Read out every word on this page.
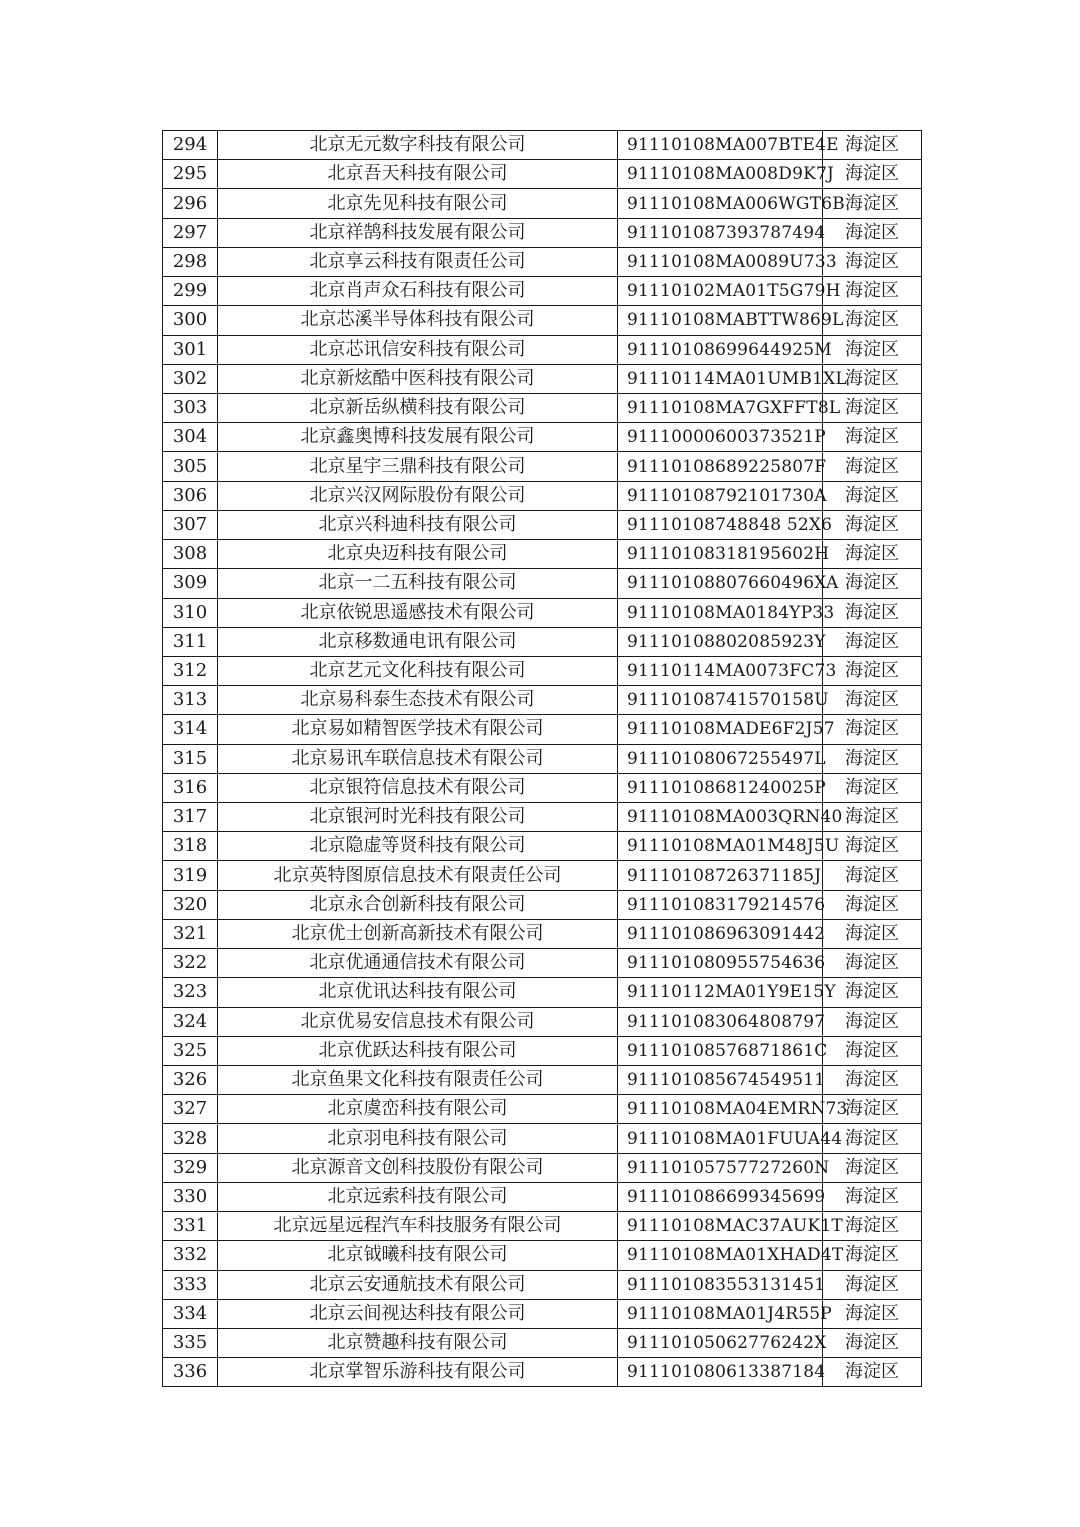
294	北京无元数字科技有限公司	91110108MA007BTE4E	海淀区
295	北京吾天科技有限公司	91110108MA008D9K7J	海淀区
296	北京先见科技有限公司	91110108MA006WGT6B	海淀区
297	北京祥鹄科技发展有限公司	911101087393787494	海淀区
298	北京享云科技有限责任公司	91110108MA0089U733	海淀区
299	北京肖声众石科技有限公司	91110102MA01T5G79H	海淀区
300	北京芯溪半导体科技有限公司	91110108MABTTW869L	海淀区
301	北京芯讯信安科技有限公司	91110108699644925M	海淀区
302	北京新炫酷中医科技有限公司	91110114MA01UMB1XL	海淀区
303	北京新岳纵横科技有限公司	91110108MA7GXFFT8L	海淀区
304	北京鑫奥博科技发展有限公司	91110000600373521P	海淀区
305	北京星宇三鼎科技有限公司	91110108689225807F	海淀区
306	北京兴汉网际股份有限公司	91110108792101730A	海淀区
307	北京兴科迪科技有限公司	91110108748848 52X6	海淀区
308	北京央迈科技有限公司	91110108318195602H	海淀区
309	北京一二五科技有限公司	91110108807660496XA	海淀区
310	北京依锐思遥感技术有限公司	91110108MA0184YP33	海淀区
311	北京移数通电讯有限公司	91110108802085923Y	海淀区
312	北京艺元文化科技有限公司	91110114MA0073FC73	海淀区
313	北京易科泰生态技术有限公司	91110108741570158U	海淀区
314	北京易如精智医学技术有限公司	91110108MADE6F2J57	海淀区
315	北京易讯车联信息技术有限公司	91110108067255497L	海淀区
316	北京银符信息技术有限公司	91110108681240025P	海淀区
317	北京银河时光科技有限公司	91110108MA003QRN40	海淀区
318	北京隐虚等贤科技有限公司	91110108MA01M48J5U	海淀区
319	北京英特图原信息技术有限责任公司	91110108726371185J	海淀区
320	北京永合创新科技有限公司	911101083179214576	海淀区
321	北京优士创新高新技术有限公司	911101086963091442	海淀区
322	北京优通通信技术有限公司	911101080955754636	海淀区
323	北京优讯达科技有限公司	91110112MA01Y9E15Y	海淀区
324	北京优易安信息技术有限公司	911101083064808797	海淀区
325	北京优跃达科技有限公司	91110108576871861C	海淀区
326	北京鱼果文化科技有限责任公司	911101085674549511	海淀区
327	北京虞峦科技有限公司	91110108MA04EMRN73	海淀区
328	北京羽电科技有限公司	91110108MA01FUUA44	海淀区
329	北京源音文创科技股份有限公司	91110105757727260N	海淀区
330	北京远索科技有限公司	911101086699345699	海淀区
331	北京远星远程汽车科技服务有限公司	91110108MAC37AUK1T	海淀区
332	北京钺曦科技有限公司	91110108MA01XHAD4T	海淀区
333	北京云安通航技术有限公司	911101083553131451	海淀区
334	北京云间视达科技有限公司	91110108MA01J4R55P	海淀区
335	北京赞趣科技有限公司	91110105062776242X	海淀区
336	北京掌智乐游科技有限公司	911101080613387184	海淀区
